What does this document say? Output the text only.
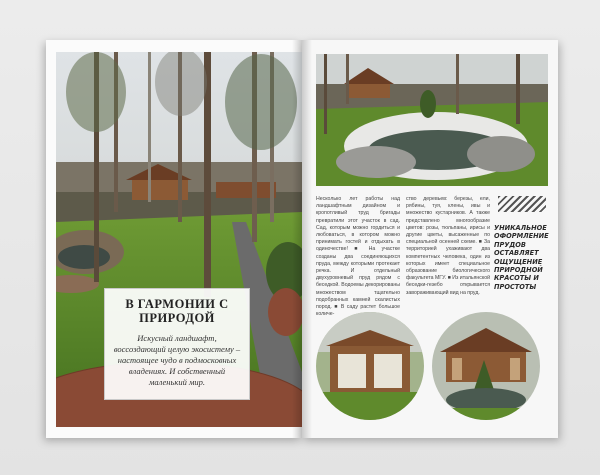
В ГАРМОНИИ С ПРИРОДОЙ
Искусный ландшафт, воссоздающий целую экосистему – настоящее чудо в подмосковных владениях. И собственный маленький мир.

Несколько лет работы над ландшафтным дизайном и кропотливый труд бригады превратили этот участок в сад. Сад, которым можно гордиться и любоваться, в котором можно принимать гостей и отдыхать в одиночестве! ■ На участке созданы два соединяющихся пруда, между которыми протекает речка. И отдельный двухуровневый пруд рядом с беседкой. Водоемы декорированы множеством тщательно подобранных камней скалистых пород. ■ В саду растет большое количе-

ство деревьев: березы, ели, рябины, туя, клены, ивы и множество кустарников. А также представлено многообразие цветов: розы, тюльпаны, ирисы и другие цветы, высаженные по специальной осенней схеме. ■ За территорией ухаживают два компетентных человека, один из которых имеет специальное образование биологического факультета МГУ. ■ Из итальянской беседки-гезебо открывается завораживающий вид на пруд.

УНИКАЛЬНОЕ ОФОРМЛЕНИЕ ПРУДОВ ОСТАВЛЯЕТ ОЩУЩЕНИЕ ПРИРОДНОЙ КРАСОТЫ И ПРОСТОТЫ
